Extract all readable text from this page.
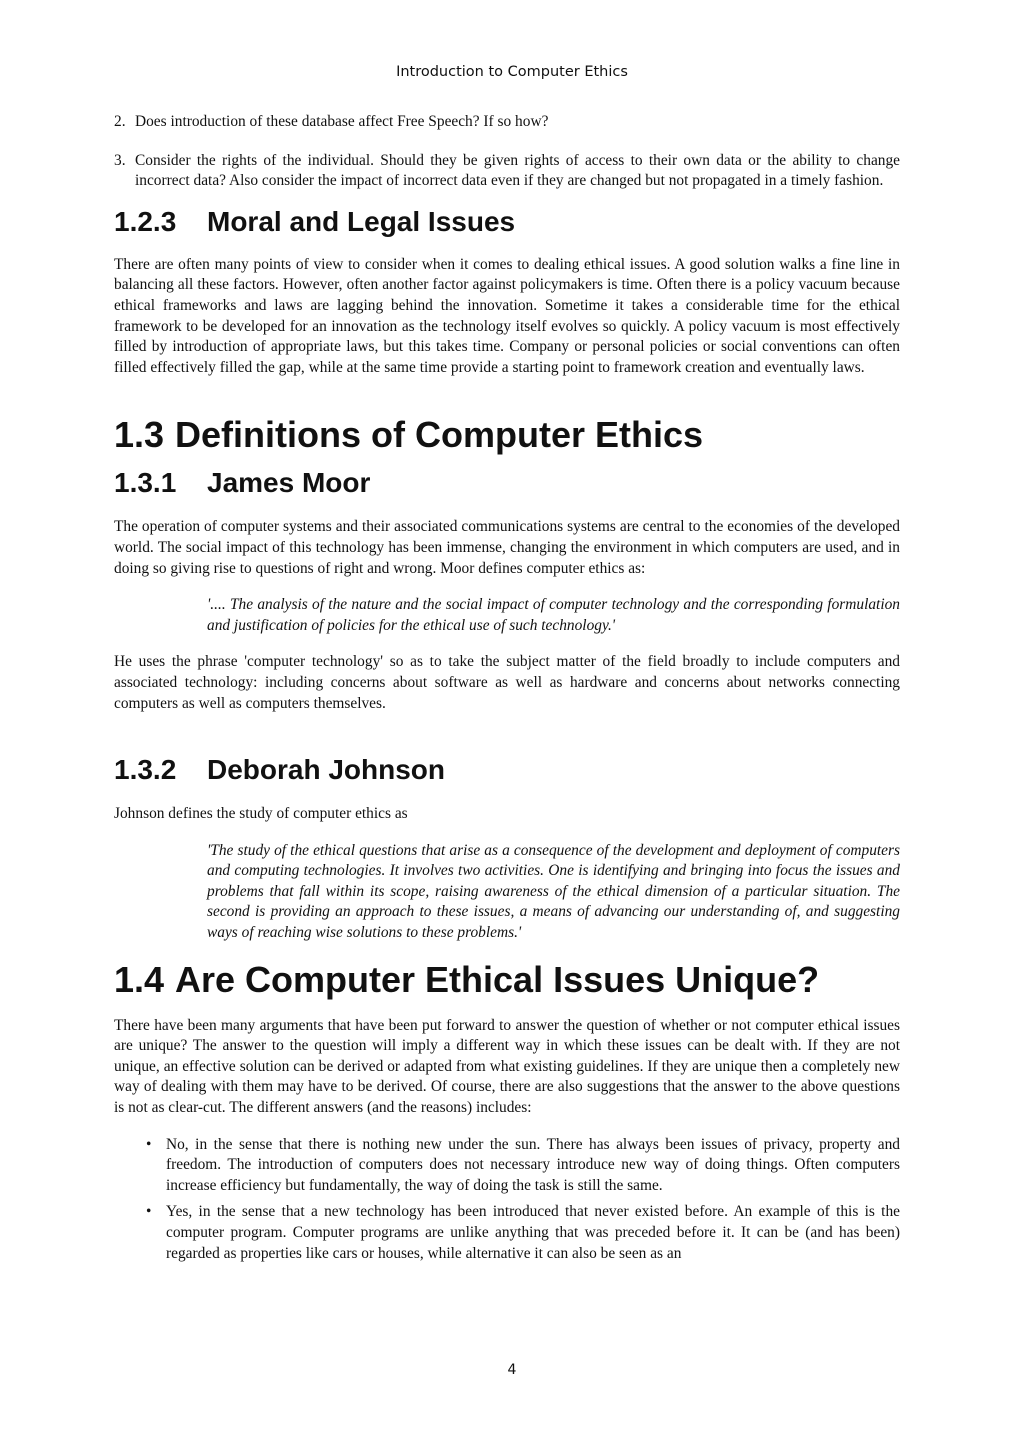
Introduction to Computer Ethics
2. Does introduction of these database affect Free Speech? If so how?
3. Consider the rights of the individual. Should they be given rights of access to their own data or the ability to change incorrect data? Also consider the impact of incorrect data even if they are changed but not propagated in a timely fashion.
1.2.3 Moral and Legal Issues

There are often many points of view to consider when it comes to dealing ethical issues. A good solution walks a fine line in balancing all these factors. However, often another factor against policymakers is time. Often there is a policy vacuum because ethical frameworks and laws are lagging behind the innovation. Sometime it takes a considerable time for the ethical framework to be developed for an innovation as the technology itself evolves so quickly. A policy vacuum is most effectively filled by introduction of appropriate laws, but this takes time. Company or personal policies or social conventions can often filled effectively filled the gap, while at the same time provide a starting point to framework creation and eventually laws.

1.3 Definitions of Computer Ethics
1.3.1 James Moor

The operation of computer systems and their associated communications systems are central to the economies of the developed world. The social impact of this technology has been immense, changing the environment in which computers are used, and in doing so giving rise to questions of right and wrong. Moor defines computer ethics as:

'.... The analysis of the nature and the social impact of computer technology and the corresponding formulation and justification of policies for the ethical use of such technology.'

He uses the phrase 'computer technology' so as to take the subject matter of the field broadly to include computers and associated technology: including concerns about software as well as hardware and concerns about networks connecting computers as well as computers themselves.

1.3.2 Deborah Johnson

Johnson defines the study of computer ethics as

'The study of the ethical questions that arise as a consequence of the development and deployment of computers and computing technologies. It involves two activities. One is identifying and bringing into focus the issues and problems that fall within its scope, raising awareness of the ethical dimension of a particular situation. The second is providing an approach to these issues, a means of advancing our understanding of, and suggesting ways of reaching wise solutions to these problems.'

1.4 Are Computer Ethical Issues Unique?

There have been many arguments that have been put forward to answer the question of whether or not computer ethical issues are unique? The answer to the question will imply a different way in which these issues can be dealt with. If they are not unique, an effective solution can be derived or adapted from what existing guidelines. If they are unique then a completely new way of dealing with them may have to be derived. Of course, there are also suggestions that the answer to the above questions is not as clear-cut. The different answers (and the reasons) includes:

• No, in the sense that there is nothing new under the sun. There has always been issues of privacy, property and freedom. The introduction of computers does not necessary introduce new way of doing things. Often computers increase efficiency but fundamentally, the way of doing the task is still the same.
• Yes, in the sense that a new technology has been introduced that never existed before. An example of this is the computer program. Computer programs are unlike anything that was preceded before it. It can be (and has been) regarded as properties like cars or houses, while alternative it can also be seen as an
4
